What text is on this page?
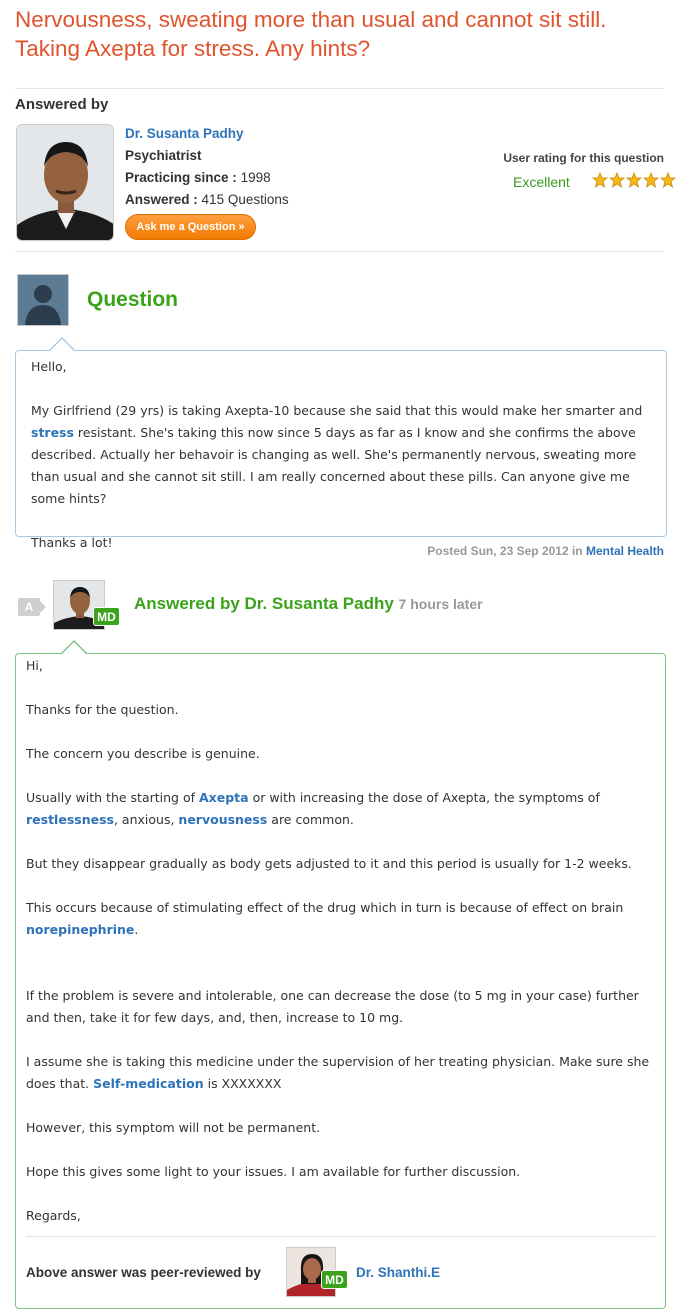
Nervousness, sweating more than usual and cannot sit still. Taking Axepta for stress. Any hints?
Answered by
Dr. Susanta Padhy
Psychiatrist
Practicing since : 1998
Answered : 415 Questions
Ask me a Question »
User rating for this question
Excellent
Question

Hello,

My Girlfriend (29 yrs) is taking Axepta-10 because she said that this would make her smarter and
stress resistant. She's taking this now since 5 days as far as I know and she confirms the above described. Actually her behavoir is changing as well. She's permanently nervous, sweating more than usual and she cannot sit still. I am really concerned about these pills. Can anyone give me some hints?

Thanks a lot!

Posted Sun, 23 Sep 2012 in Mental Health
A
MD
Answered by Dr. Susanta Padhy 7 hours later

Hi,

Thanks for the question.

The concern you describe is genuine.

Usually with the starting of Axepta or with increasing the dose of Axepta, the symptoms of
restlessness, anxious, nervousness are common.

But they disappear gradually as body gets adjusted to it and this period is usually for 1-2 weeks.

This occurs because of stimulating effect of the drug which in turn is because of effect on brain
norepinephrine.

If the problem is severe and intolerable, one can decrease the dose (to 5 mg in your case) further and then, take it for few days, and, then, increase to 10 mg.

I assume she is taking this medicine under the supervision of her treating physician. Make sure she does that. Self-medication is XXXXXXX

However, this symptom will not be permanent.

Hope this gives some light to your issues. I am available for further discussion.

Regards,

Above answer was peer-reviewed by	MD Dr. Shanthi.E
